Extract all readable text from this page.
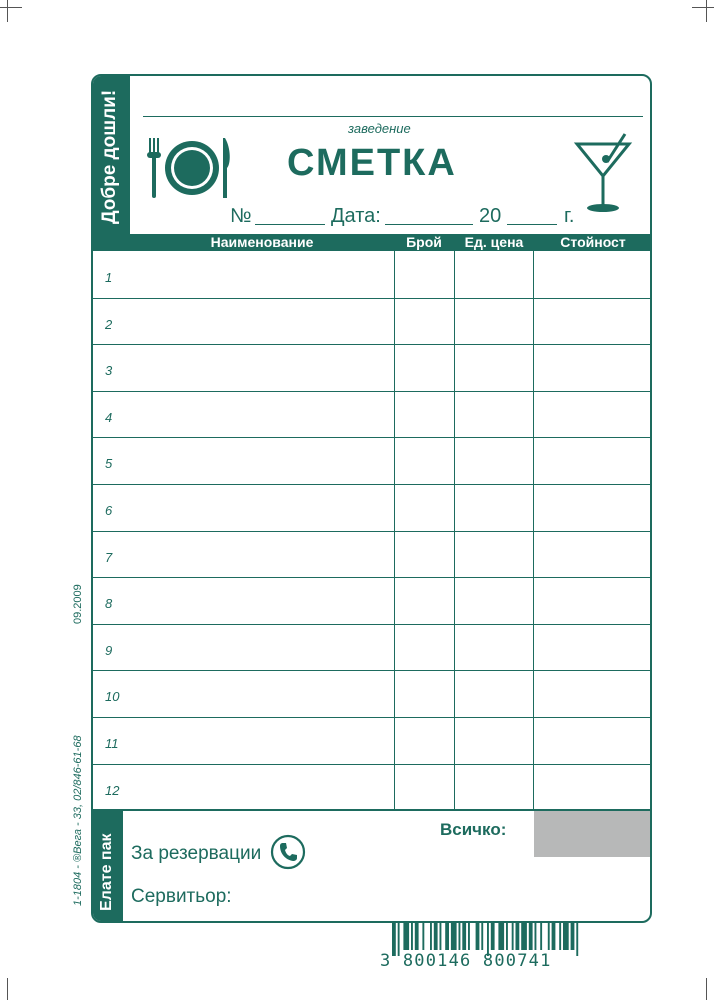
09.2009
1-1804 - ®Вега - 33, 02/846-61-68
Добре дошли!	заведение
СМЕТКА
№	Дата:	20	г.
Наименование	Брой	Ед. цена	Стойност
1
2
3
4
5
6
7
8
9
10
11
12
Елате пак
Всичко:
За резервации
Сервитьор:
3 800146 800741
